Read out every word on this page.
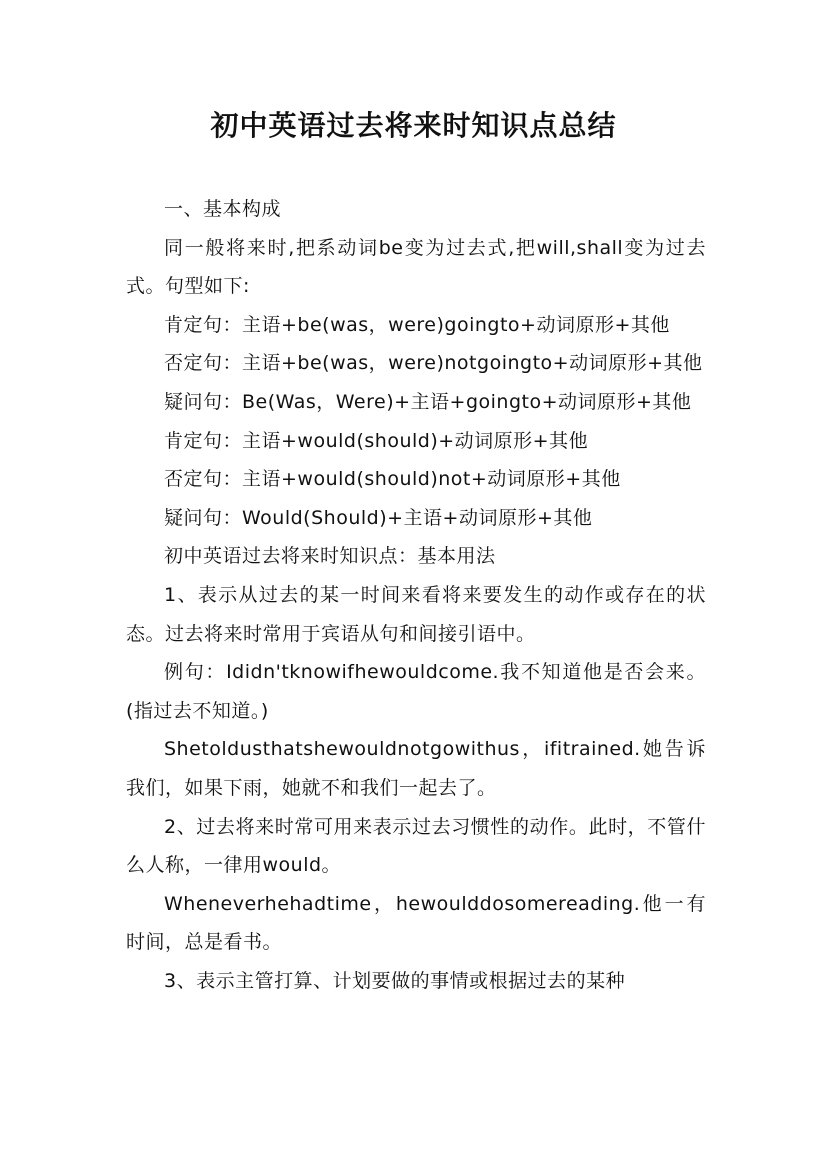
初中英语过去将来时知识点总结

一、基本构成

同一般将来时,把系动词be变为过去式,把will,shall变为过去式。句型如下:

肯定句：主语+be(was，were)goingto+动词原形+其他

否定句：主语+be(was，were)notgoingto+动词原形+其他

疑问句：Be(Was，Were)+主语+goingto+动词原形+其他

肯定句：主语+would(should)+动词原形+其他

否定句：主语+would(should)not+动词原形+其他

疑问句：Would(Should)+主语+动词原形+其他

初中英语过去将来时知识点：基本用法

1、表示从过去的某一时间来看将来要发生的动作或存在的状态。过去将来时常用于宾语从句和间接引语中。

例句：Ididn'tknowifhewouldcome.我不知道他是否会来。(指过去不知道。)

Shetoldusthatshewouldnotgowithus，ifitrained.她告诉我们，如果下雨，她就不和我们一起去了。

2、过去将来时常可用来表示过去习惯性的动作。此时，不管什么人称，一律用would。

Wheneverhehadtime，hewoulddosomereading.他一有时间，总是看书。

3、表示主管打算、计划要做的事情或根据过去的某种
